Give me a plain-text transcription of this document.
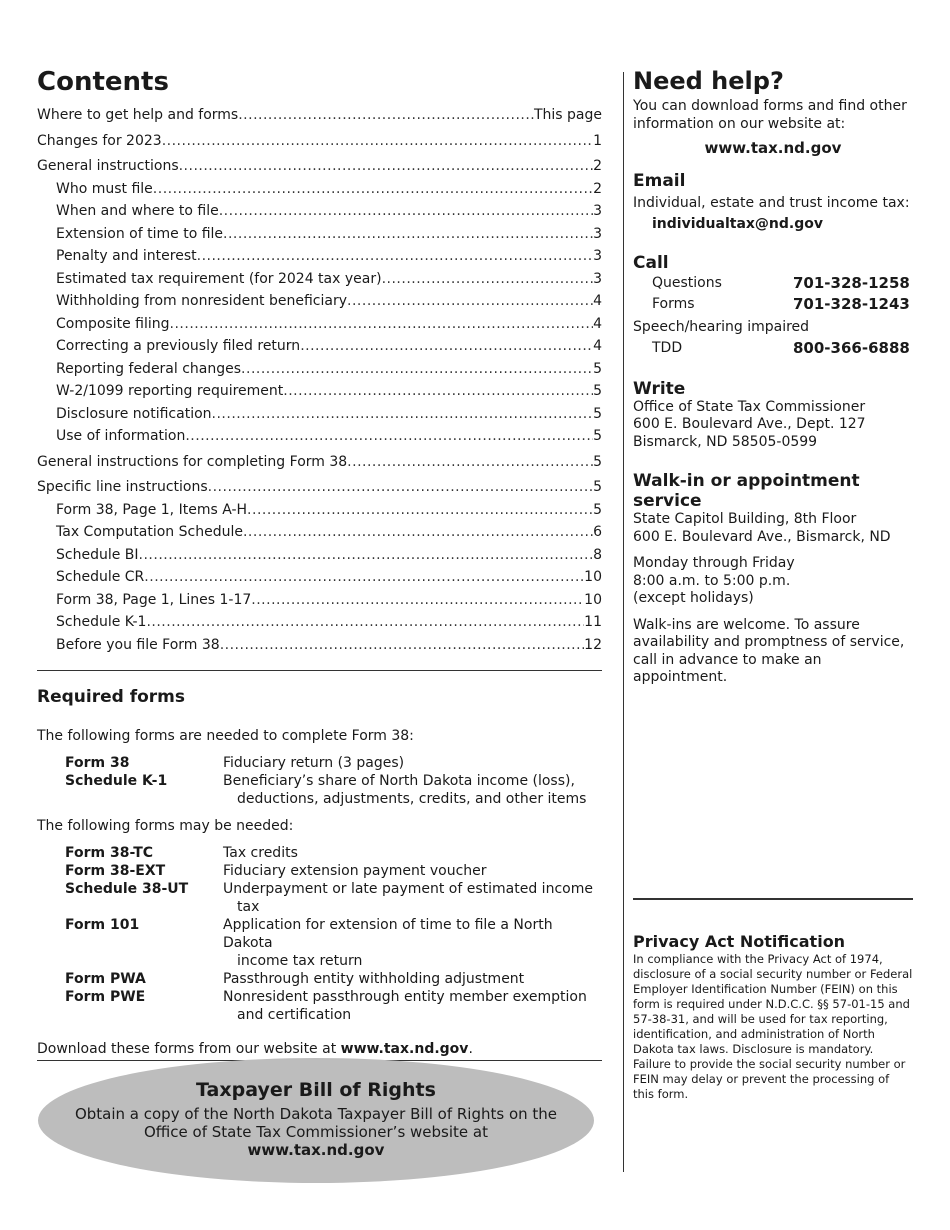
Contents
Where to get help and forms .....	This page
Changes for 2023 .....	1
General instructions .....	2
Who must file .....	2
When and where to file .....	3
Extension of time to file .....	3
Penalty and interest .....	3
Estimated tax requirement (for 2024 tax year) .....	3
Withholding from nonresident beneficiary .....	4
Composite filing .....	4
Correcting a previously filed return .....	4
Reporting federal changes .....	5
W-2/1099 reporting requirement .....	5
Disclosure notification .....	5
Use of information .....	5
General instructions for completing Form 38 .....	5
Specific line instructions .....	5
Form 38, Page 1, Items A-H .....	5
Tax Computation Schedule .....	6
Schedule BI .....	8
Schedule CR .....	10
Form 38, Page 1, Lines 1-17 .....	10
Schedule K-1 .....	11
Before you file Form 38 .....	12
Required forms
The following forms are needed to complete Form 38:
Form 38	Fiduciary return (3 pages)
Schedule K-1	Beneficiary’s share of North Dakota income (loss),
deductions, adjustments, credits, and other items
The following forms may be needed:
Form 38-TC	Tax credits
Form 38-EXT	Fiduciary extension payment voucher
Schedule 38-UT	Underpayment or late payment of estimated income
tax
Form 101	Application for extension of time to file a North Dakota
income tax return
Form PWA	Passthrough entity withholding adjustment
Form PWE	Nonresident passthrough entity member exemption
and certification
Download these forms from our website at www.tax.nd.gov.
Taxpayer Bill of Rights
Obtain a copy of the North Dakota Taxpayer Bill of Rights on the Office of State Tax Commissioner’s website at
www.tax.nd.gov
Need help?
You can download forms and find other information on our website at:
www.tax.nd.gov
Email
Individual, estate and trust income tax:
individualtax@nd.gov
Call
Questions	701-328-1258
Forms	701-328-1243
Speech/hearing impaired
TDD	800-366-6888
Write
Office of State Tax Commissioner
600 E. Boulevard Ave., Dept. 127
Bismarck, ND 58505-0599
Walk-in or appointment service
State Capitol Building, 8th Floor
600 E. Boulevard Ave., Bismarck, ND
Monday through Friday
8:00 a.m. to 5:00 p.m.
(except holidays)
Walk-ins are welcome. To assure availability and promptness of service, call in advance to make an appointment.
Privacy Act Notification
In compliance with the Privacy Act of 1974, disclosure of a social security number or Federal Employer Identification Number (FEIN) on this form is required under N.D.C.C. §§ 57-01-15 and 57-38-31, and will be used for tax reporting, identification, and administration of North Dakota tax laws. Disclosure is mandatory. Failure to provide the social security number or FEIN may delay or prevent the processing of this form.
